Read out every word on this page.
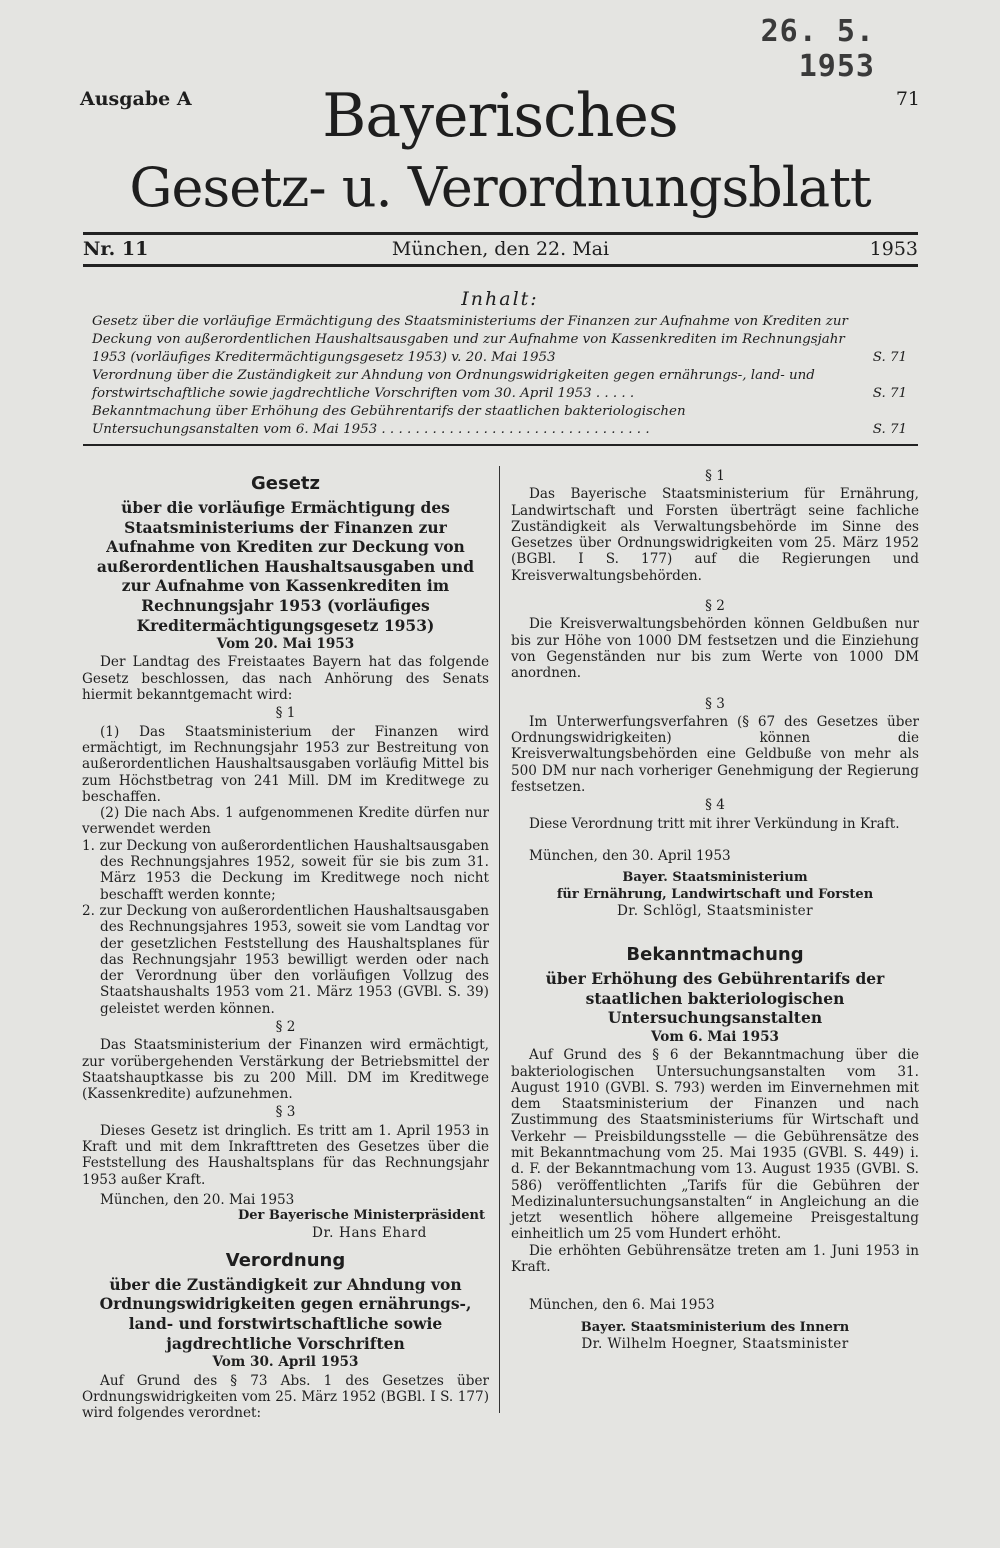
26. 5. 1953
Ausgabe A	71
Bayerisches
Gesetz- u. Verordnungsblatt
Nr. 11	München, den 22. Mai	1953
Inhalt:
Gesetz über die vorläufige Ermächtigung des Staatsministeriums der Finanzen zur Aufnahme von Krediten zur Deckung von außerordentlichen Haushaltsausgaben und zur Aufnahme von Kassenkrediten im Rechnungsjahr 1953 (vorläufiges Kreditermächtigungsgesetz 1953) v. 20. Mai 1953	S. 71
Verordnung über die Zuständigkeit zur Ahndung von Ordnungswidrigkeiten gegen ernährungs-, land- und forstwirtschaftliche sowie jagdrechtliche Vorschriften vom 30. April 1953 . . . . .	S. 71
Bekanntmachung über Erhöhung des Gebührentarifs der staatlichen bakteriologischen Untersuchungsanstalten vom 6. Mai 1953 . . . . . . . . . . . . . . . . . . . . . . . . . . . . . . . .	S. 71
Gesetz
über die vorläufige Ermächtigung des Staatsministeriums der Finanzen zur Aufnahme von Krediten zur Deckung von außerordentlichen Haushaltsausgaben und zur Aufnahme von Kassenkrediten im Rechnungsjahr 1953 (vorläufiges Kreditermächtigungsgesetz 1953)
Vom 20. Mai 1953

Der Landtag des Freistaates Bayern hat das folgende Gesetz beschlossen, das nach Anhörung des Senats hiermit bekanntgemacht wird:

§ 1

(1) Das Staatsministerium der Finanzen wird ermächtigt, im Rechnungsjahr 1953 zur Bestreitung von außerordentlichen Haushaltsausgaben vorläufig Mittel bis zum Höchstbetrag von 241 Mill. DM im Kreditwege zu beschaffen.

(2) Die nach Abs. 1 aufgenommenen Kredite dürfen nur verwendet werden

1. zur Deckung von außerordentlichen Haushaltsausgaben des Rechnungsjahres 1952, soweit für sie bis zum 31. März 1953 die Deckung im Kreditwege noch nicht beschafft werden konnte;

2. zur Deckung von außerordentlichen Haushaltsausgaben des Rechnungsjahres 1953, soweit sie vom Landtag vor der gesetzlichen Feststellung des Haushaltsplanes für das Rechnungsjahr 1953 bewilligt werden oder nach der Verordnung über den vorläufigen Vollzug des Staatshaushalts 1953 vom 21. März 1953 (GVBl. S. 39) geleistet werden können.

§ 2

Das Staatsministerium der Finanzen wird ermächtigt, zur vorübergehenden Verstärkung der Betriebsmittel der Staatshauptkasse bis zu 200 Mill. DM im Kreditwege (Kassenkredite) aufzunehmen.

§ 3

Dieses Gesetz ist dringlich. Es tritt am 1. April 1953 in Kraft und mit dem Inkrafttreten des Gesetzes über die Feststellung des Haushaltsplans für das Rechnungsjahr 1953 außer Kraft.

München, den 20. Mai 1953
Der Bayerische Ministerpräsident
Dr. Hans Ehard
Verordnung
über die Zuständigkeit zur Ahndung von Ordnungswidrigkeiten gegen ernährungs-, land- und forstwirtschaftliche sowie jagdrechtliche Vorschriften
Vom 30. April 1953

Auf Grund des § 73 Abs. 1 des Gesetzes über Ordnungswidrigkeiten vom 25. März 1952 (BGBl. I S. 177) wird folgendes verordnet:

§ 1

Das Bayerische Staatsministerium für Ernährung, Landwirtschaft und Forsten überträgt seine fachliche Zuständigkeit als Verwaltungsbehörde im Sinne des Gesetzes über Ordnungswidrigkeiten vom 25. März 1952 (BGBl. I S. 177) auf die Regierungen und Kreisverwaltungsbehörden.

§ 2

Die Kreisverwaltungsbehörden können Geldbußen nur bis zur Höhe von 1000 DM festsetzen und die Einziehung von Gegenständen nur bis zum Werte von 1000 DM anordnen.

§ 3

Im Unterwerfungsverfahren (§ 67 des Gesetzes über Ordnungswidrigkeiten) können die Kreisverwaltungsbehörden eine Geldbuße von mehr als 500 DM nur nach vorheriger Genehmigung der Regierung festsetzen.

§ 4

Diese Verordnung tritt mit ihrer Verkündung in Kraft.

München, den 30. April 1953
Bayer. Staatsministerium
für Ernährung, Landwirtschaft und Forsten
Dr. Schlögl, Staatsminister
Bekanntmachung
über Erhöhung des Gebührentarifs der staatlichen bakteriologischen Untersuchungsanstalten
Vom 6. Mai 1953

Auf Grund des § 6 der Bekanntmachung über die bakteriologischen Untersuchungsanstalten vom 31. August 1910 (GVBl. S. 793) werden im Einvernehmen mit dem Staatsministerium der Finanzen und nach Zustimmung des Staatsministeriums für Wirtschaft und Verkehr — Preisbildungsstelle — die Gebührensätze des mit Bekanntmachung vom 25. Mai 1935 (GVBl. S. 449) i. d. F. der Bekanntmachung vom 13. August 1935 (GVBl. S. 586) veröffentlichten „Tarifs für die Gebühren der Medizinaluntersuchungsanstalten“ in Angleichung an die jetzt wesentlich höhere allgemeine Preisgestaltung einheitlich um 25 vom Hundert erhöht.

Die erhöhten Gebührensätze treten am 1. Juni 1953 in Kraft.

München, den 6. Mai 1953
Bayer. Staatsministerium des Innern
Dr. Wilhelm Hoegner, Staatsminister
